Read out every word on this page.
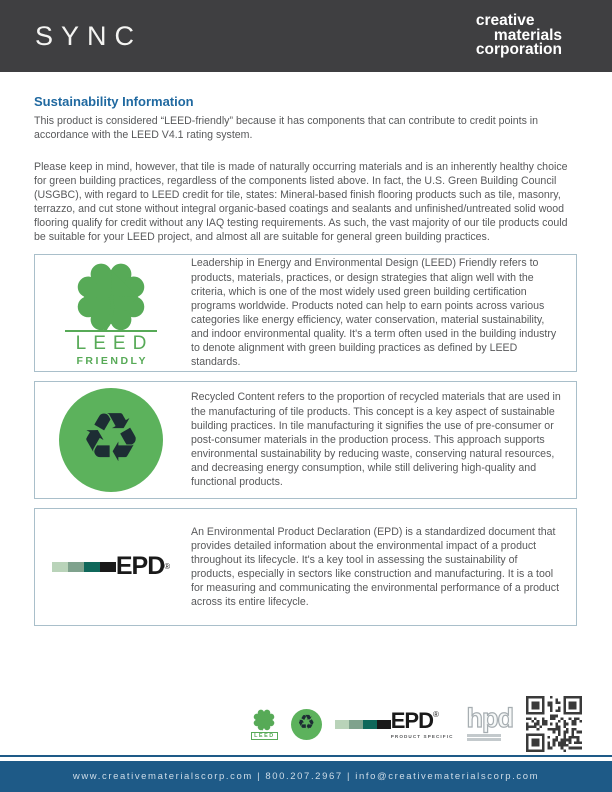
SYNC	creative
materials
corporation
Sustainability Information

This product is considered “LEED-friendly” because it has components that can contribute to credit points in accordance with the LEED V4.1 rating system.

Please keep in mind, however, that tile is made of naturally occurring materials and is an inherently healthy choice for green building practices, regardless of the components listed above. In fact, the U.S. Green Building Council (USGBC), with regard to LEED credit for tile, states: Mineral-based finish flooring products such as tile, masonry, terrazzo, and cut stone without integral organic-based coatings and sealants and unfinished/untreated solid wood flooring qualify for credit without any IAQ testing requirements. As such, the vast majority of our tile products could be suitable for your LEED project, and almost all are suitable for general green building practices.

LEED
FRIENDLY
Leadership in Energy and Environmental Design (LEED) Friendly refers to products, materials, practices, or design strategies that align well with the criteria, which is one of the most widely used green building certification programs worldwide. Products noted can help to earn points across various categories like energy efficiency, water conservation, material sustainability, and indoor environmental quality. It's a term often used in the building industry to denote alignment with green building practices as defined by LEED standards.
♻
Recycled Content refers to the proportion of recycled materials that are used in the manufacturing of tile products. This concept is a key aspect of sustainable building practices. In tile manufacturing it signifies the use of pre-consumer or post-consumer materials in the production process. This approach supports environmental sustainability by reducing waste, conserving natural resources, and decreasing energy consumption, while still delivering high-quality and functional products.
EPD ®
An Environmental Product Declaration (EPD) is a standardized document that provides detailed information about the environmental impact of a product throughout its lifecycle. It's a key tool in assessing the sustainability of products, especially in sectors like construction and manufacturing. It is a tool for measuring and communicating the environmental performance of a product across its entire lifecycle.
LEED
♻	EPD®
PRODUCT SPECIFIC
hpd
www.creativematerialscorp.com | 800.207.2967 | info@creativematerialscorp.com
